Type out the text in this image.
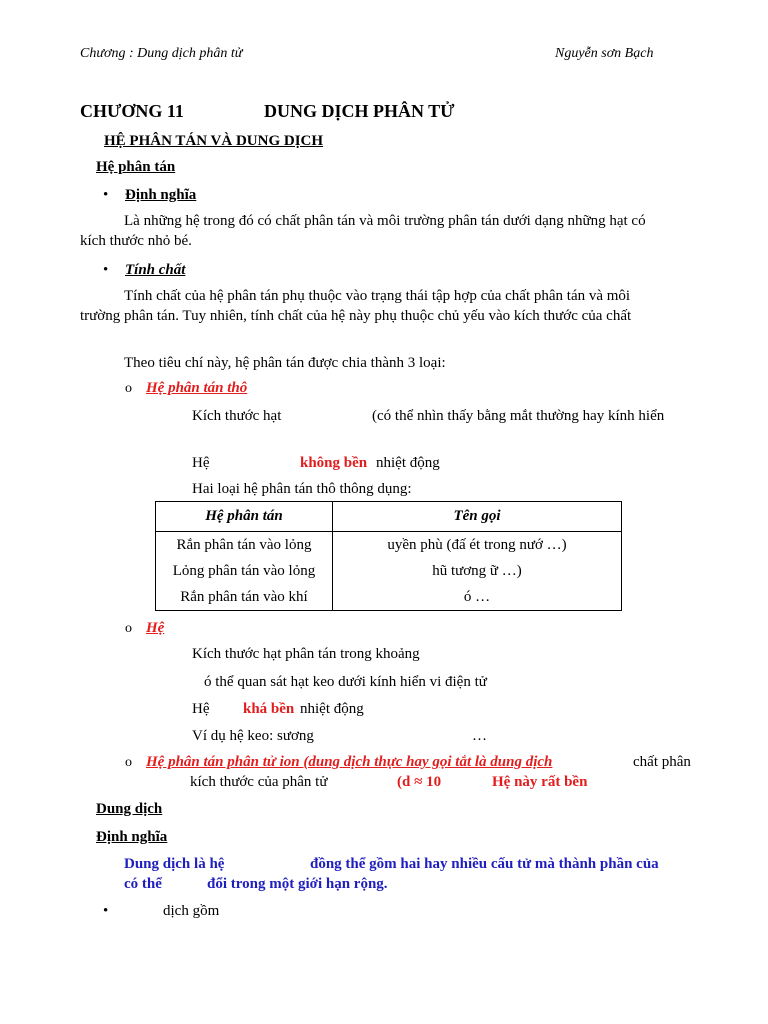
Chương : Dung dịch phân tử	Nguyễn sơn Bạch
CHƯƠNG 11	DUNG DỊCH PHÂN TỬ
HỆ PHÂN TÁN VÀ DUNG DỊCH
Hệ phân tán
• Định nghĩa
Là những hệ trong đó có chất phân tán và môi trường phân tán dưới dạng những hạt có
kích thước nhỏ bé.
• Tính chất
Tính chất của hệ phân tán phụ thuộc vào trạng thái tập hợp của chất phân tán và môi
trường phân tán. Tuy nhiên, tính chất của hệ này phụ thuộc chủ yếu vào kích thước của chất
Theo tiêu chí này, hệ phân tán được chia thành 3 loại:
o Hệ phân tán thô
Kích thước hạt	(có thể nhìn thấy bằng mắt thường hay kính hiển
Hệ	không bền nhiệt động
Hai loại hệ phân tán thô thông dụng:
Hệ phân tán	Tên gọi
Rắn phân tán vào lỏng	uyền phù (đấ ét trong nướ …)
Lỏng phân tán vào lỏng	hũ tương ữ …)
Rắn phân tán vào khí	ó …
o Hệ
Kích thước hạt phân tán trong khoảng
ó thể quan sát hạt keo dưới kính hiển vi điện tử
Hệ khá bền nhiệt động
Ví dụ hệ keo: sương	…
o Hệ phân tán phân tử ion (dung dịch thực hay gọi tắt là dung dịch	chất phân
kích thước của phân tử	(d ≈ 10	Hệ này rất bền
Dung dịch
Định nghĩa
Dung dịch là hệ	đồng thể gồm hai hay nhiều cấu tử mà thành phần của
có thể	đổi trong một giới hạn rộng.
•	dịch gồm
